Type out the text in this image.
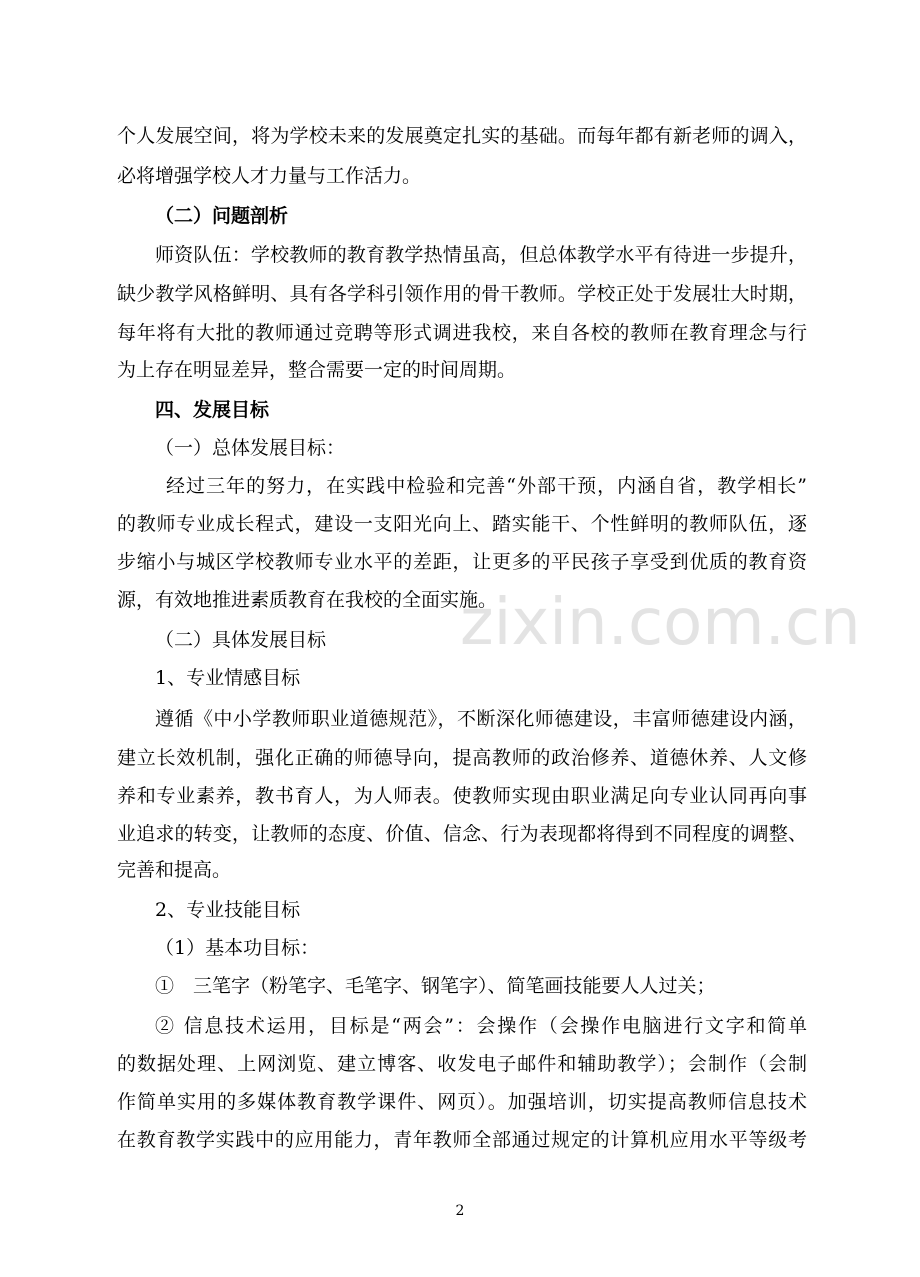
个人发展空间，将为学校未来的发展奠定扎实的基础。而每年都有新老师的调入，
必将增强学校人才力量与工作活力。
（二）问题剖析
师资队伍：学校教师的教育教学热情虽高，但总体教学水平有待进一步提升，
缺少教学风格鲜明、具有各学科引领作用的骨干教师。学校正处于发展壮大时期，
每年将有大批的教师通过竞聘等形式调进我校，来自各校的教师在教育理念与行
为上存在明显差异，整合需要一定的时间周期。
四、发展目标
（一）总体发展目标：
经过三年的努力，在实践中检验和完善“外部干预，内涵自省，教学相长”
的教师专业成长程式，建设一支阳光向上、踏实能干、个性鲜明的教师队伍，逐
步缩小与城区学校教师专业水平的差距，让更多的平民孩子享受到优质的教育资
源，有效地推进素质教育在我校的全面实施。
（二）具体发展目标
1、专业情感目标
遵循《中小学教师职业道德规范》，不断深化师德建设，丰富师德建设内涵，
建立长效机制，强化正确的师德导向，提高教师的政治修养、道德休养、人文修
养和专业素养，教书育人，为人师表。使教师实现由职业满足向专业认同再向事
业追求的转变，让教师的态度、价值、信念、行为表现都将得到不同程度的调整、
完善和提高。
2、专业技能目标
（1）基本功目标：
①　三笔字（粉笔字、毛笔字、钢笔字）、简笔画技能要人人过关；
② 信息技术运用，目标是“两会”：会操作（会操作电脑进行文字和简单
的数据处理、上网浏览、建立博客、收发电子邮件和辅助教学）；会制作（会制
作简单实用的多媒体教育教学课件、网页）。加强培训，切实提高教师信息技术
在教育教学实践中的应用能力，青年教师全部通过规定的计算机应用水平等级考
zixin.com.cn
2
